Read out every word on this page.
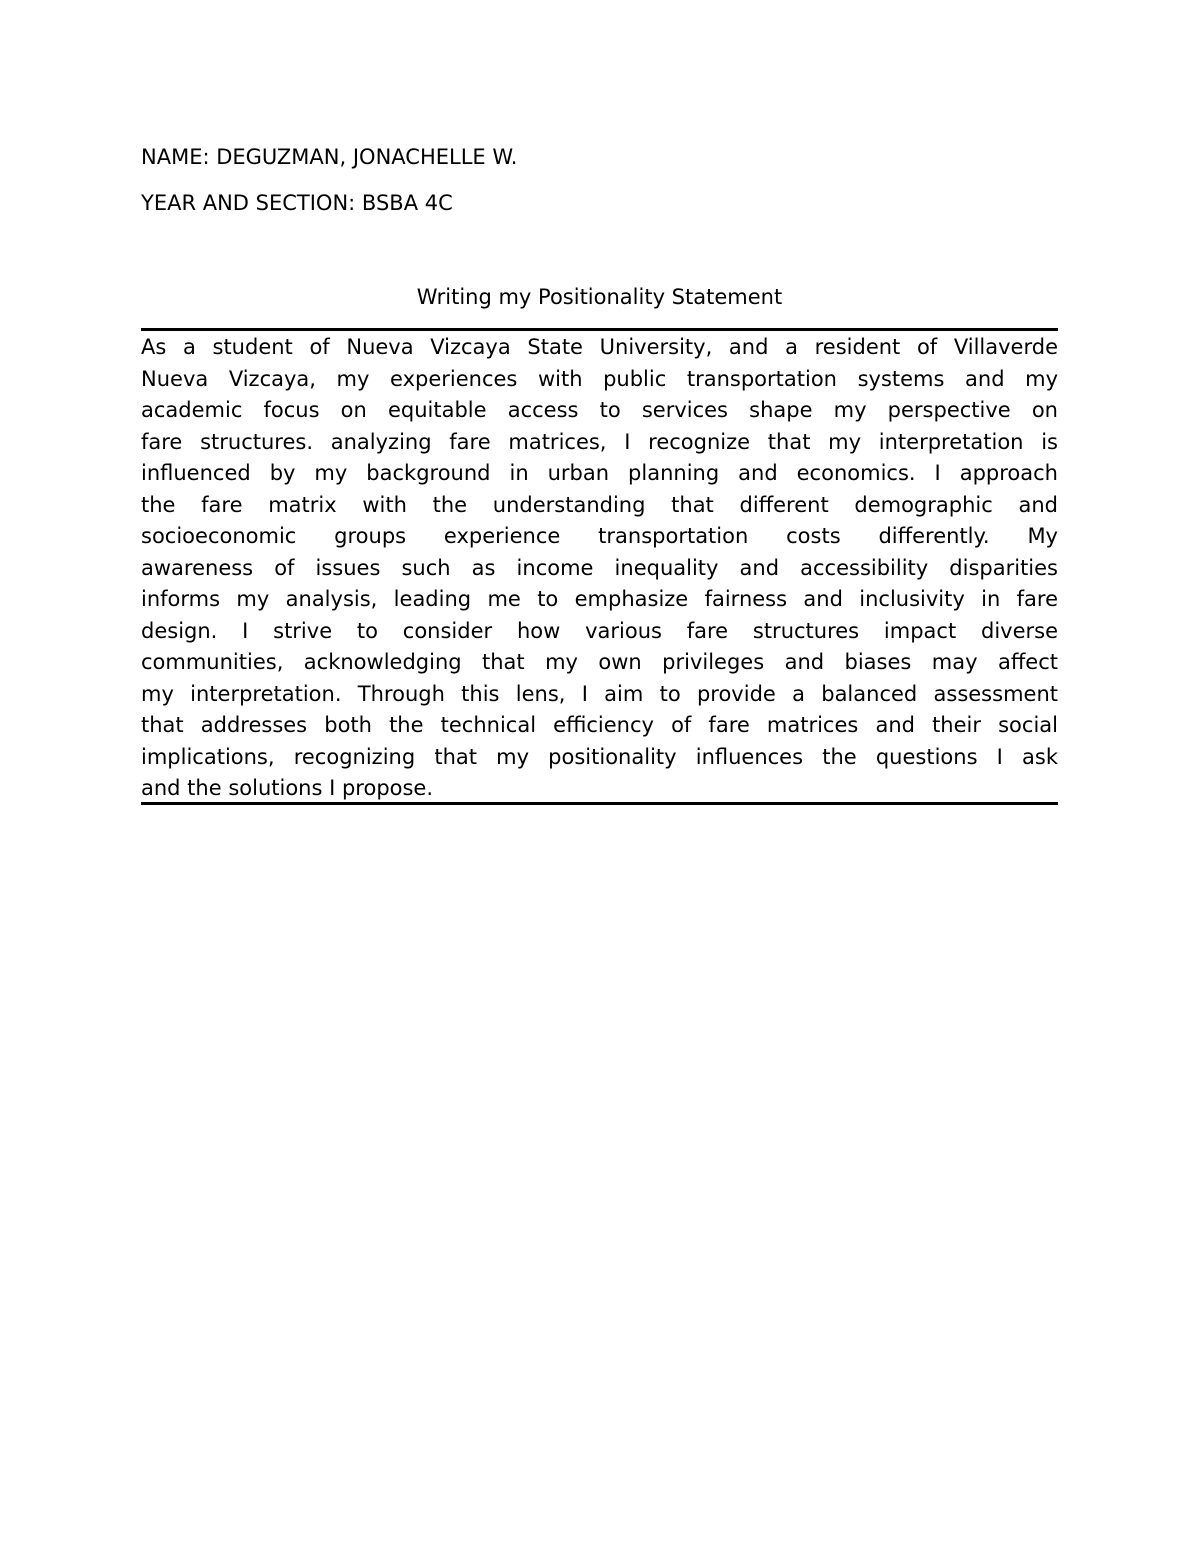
NAME: DEGUZMAN, JONACHELLE W.
YEAR AND SECTION: BSBA 4C
Writing my Positionality Statement
As a student of Nueva Vizcaya State University, and a resident of Villaverde
Nueva Vizcaya, my experiences with public transportation systems and my
academic focus on equitable access to services shape my perspective on
fare structures. analyzing fare matrices, I recognize that my interpretation is
influenced by my background in urban planning and economics. I approach
the fare matrix with the understanding that different demographic and
socioeconomic groups experience transportation costs differently. My
awareness of issues such as income inequality and accessibility disparities
informs my analysis, leading me to emphasize fairness and inclusivity in fare
design. I strive to consider how various fare structures impact diverse
communities, acknowledging that my own privileges and biases may affect
my interpretation. Through this lens, I aim to provide a balanced assessment
that addresses both the technical efficiency of fare matrices and their social
implications, recognizing that my positionality influences the questions I ask
and the solutions I propose.
